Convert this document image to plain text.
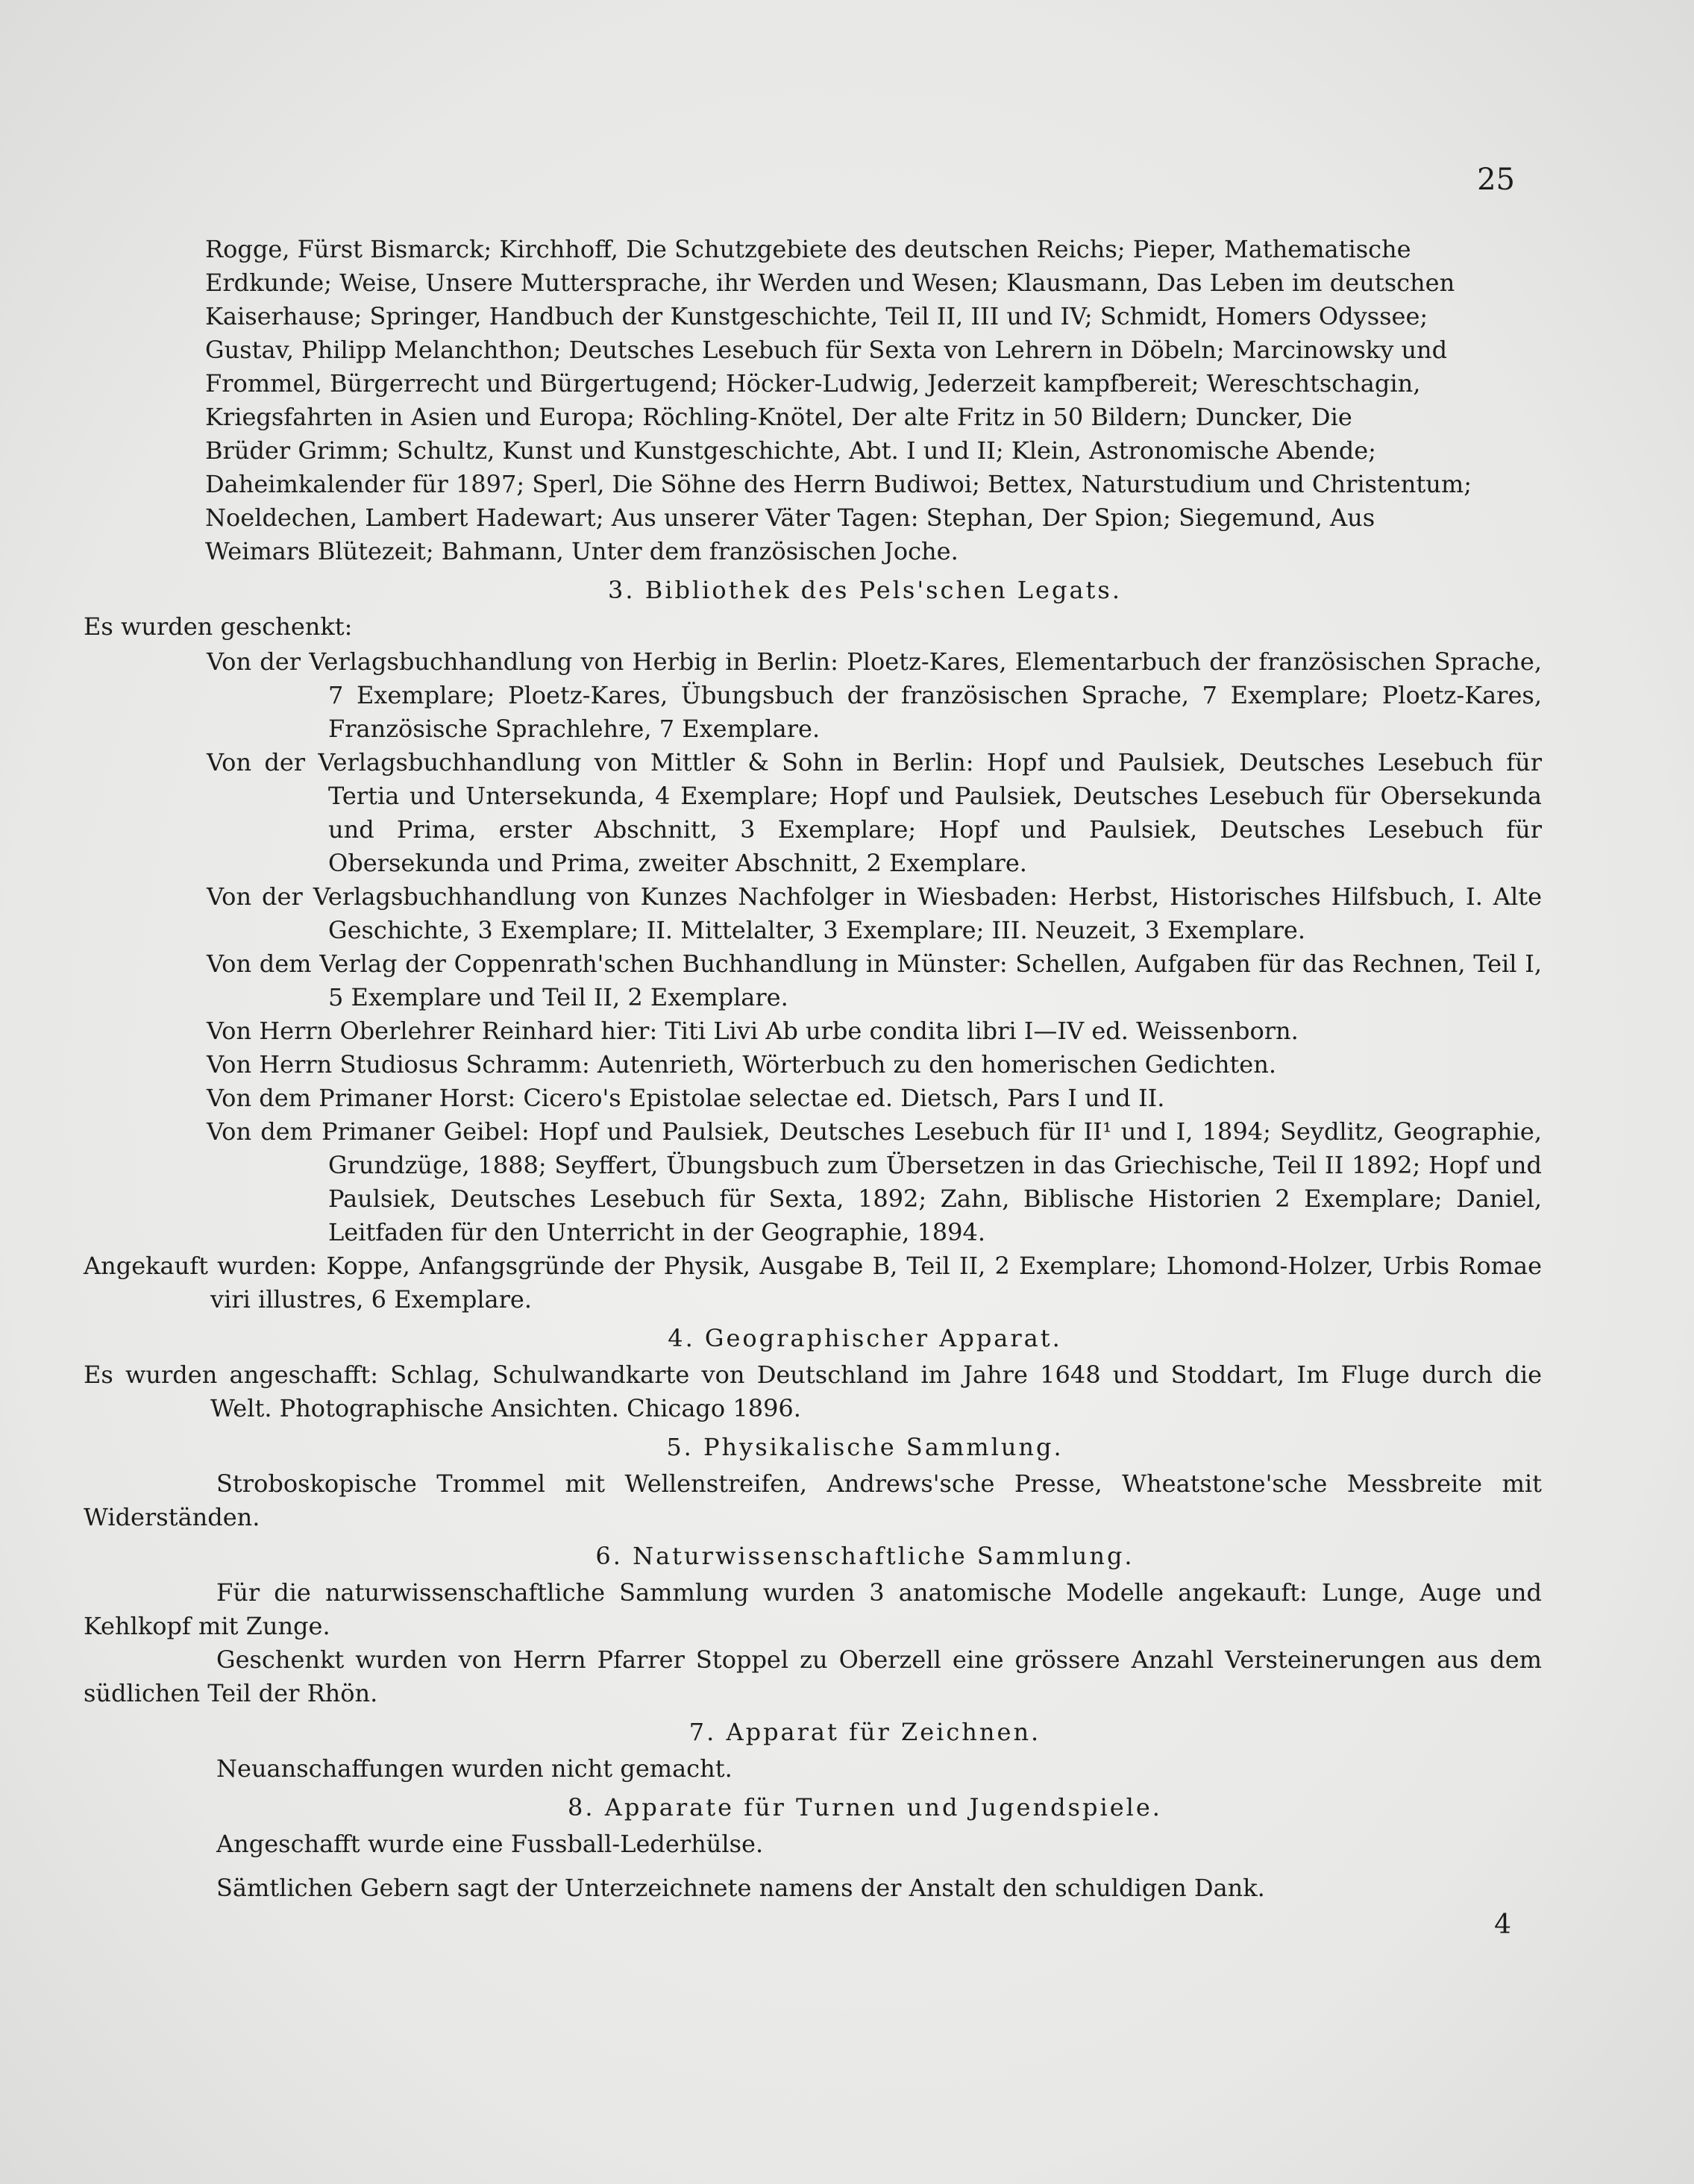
25

Rogge, Fürst Bismarck; Kirchhoff, Die Schutzgebiete des deutschen Reichs; Pieper, Mathematische

Erdkunde; Weise, Unsere Muttersprache, ihr Werden und Wesen; Klausmann, Das Leben im deutschen

Kaiserhause; Springer, Handbuch der Kunstgeschichte, Teil II, III und IV; Schmidt, Homers Odyssee;

Gustav, Philipp Melanchthon; Deutsches Lesebuch für Sexta von Lehrern in Döbeln; Marcinowsky und

Frommel, Bürgerrecht und Bürgertugend; Höcker-Ludwig, Jederzeit kampfbereit; Wereschtschagin,

Kriegsfahrten in Asien und Europa; Röchling-Knötel, Der alte Fritz in 50 Bildern; Duncker, Die

Brüder Grimm; Schultz, Kunst und Kunstgeschichte, Abt. I und II; Klein, Astronomische Abende;

Daheimkalender für 1897; Sperl, Die Söhne des Herrn Budiwoi; Bettex, Naturstudium und Christentum;

Noeldechen, Lambert Hadewart; Aus unserer Väter Tagen: Stephan, Der Spion; Siegemund, Aus

Weimars Blütezeit; Bahmann, Unter dem französischen Joche.

3. Bibliothek des Pels'schen Legats.
Es wurden geschenkt:

Von der Verlagsbuchhandlung von Herbig in Berlin: Ploetz-Kares, Elementarbuch der französischen Sprache, 7 Exemplare; Ploetz-Kares, Übungsbuch der französischen Sprache, 7 Exemplare; Ploetz-Kares, Französische Sprachlehre, 7 Exemplare.

Von der Verlagsbuchhandlung von Mittler & Sohn in Berlin: Hopf und Paulsiek, Deutsches Lesebuch für Tertia und Untersekunda, 4 Exemplare; Hopf und Paulsiek, Deutsches Lesebuch für Obersekunda und Prima, erster Abschnitt, 3 Exemplare; Hopf und Paulsiek, Deutsches Lesebuch für Obersekunda und Prima, zweiter Abschnitt, 2 Exemplare.

Von der Verlagsbuchhandlung von Kunzes Nachfolger in Wiesbaden: Herbst, Historisches Hilfsbuch, I. Alte Geschichte, 3 Exemplare; II. Mittelalter, 3 Exemplare; III. Neuzeit, 3 Exemplare.

Von dem Verlag der Coppenrath'schen Buchhandlung in Münster: Schellen, Aufgaben für das Rechnen, Teil I, 5 Exemplare und Teil II, 2 Exemplare.

Von Herrn Oberlehrer Reinhard hier: Titi Livi Ab urbe condita libri I—IV ed. Weissenborn.

Von Herrn Studiosus Schramm: Autenrieth, Wörterbuch zu den homerischen Gedichten.

Von dem Primaner Horst: Cicero's Epistolae selectae ed. Dietsch, Pars I und II.

Von dem Primaner Geibel: Hopf und Paulsiek, Deutsches Lesebuch für II¹ und I, 1894; Seydlitz, Geographie, Grundzüge, 1888; Seyffert, Übungsbuch zum Übersetzen in das Griechische, Teil II 1892; Hopf und Paulsiek, Deutsches Lesebuch für Sexta, 1892; Zahn, Biblische Historien 2 Exemplare; Daniel, Leitfaden für den Unterricht in der Geographie, 1894.

Angekauft wurden: Koppe, Anfangsgründe der Physik, Ausgabe B, Teil II, 2 Exemplare; Lhomond-Holzer, Urbis Romae viri illustres, 6 Exemplare.

4. Geographischer Apparat.

Es wurden angeschafft: Schlag, Schulwandkarte von Deutschland im Jahre 1648 und Stoddart, Im Fluge durch die Welt. Photographische Ansichten. Chicago 1896.

5. Physikalische Sammlung.

Stroboskopische Trommel mit Wellenstreifen, Andrews'sche Presse, Wheatstone'sche Messbreite mit Widerständen.

6. Naturwissenschaftliche Sammlung.

Für die naturwissenschaftliche Sammlung wurden 3 anatomische Modelle angekauft: Lunge, Auge und Kehlkopf mit Zunge.

Geschenkt wurden von Herrn Pfarrer Stoppel zu Oberzell eine grössere Anzahl Versteinerungen aus dem südlichen Teil der Rhön.

7. Apparat für Zeichnen.

Neuanschaffungen wurden nicht gemacht.

8. Apparate für Turnen und Jugendspiele.

Angeschafft wurde eine Fussball-Lederhülse.

Sämtlichen Gebern sagt der Unterzeichnete namens der Anstalt den schuldigen Dank.

4
